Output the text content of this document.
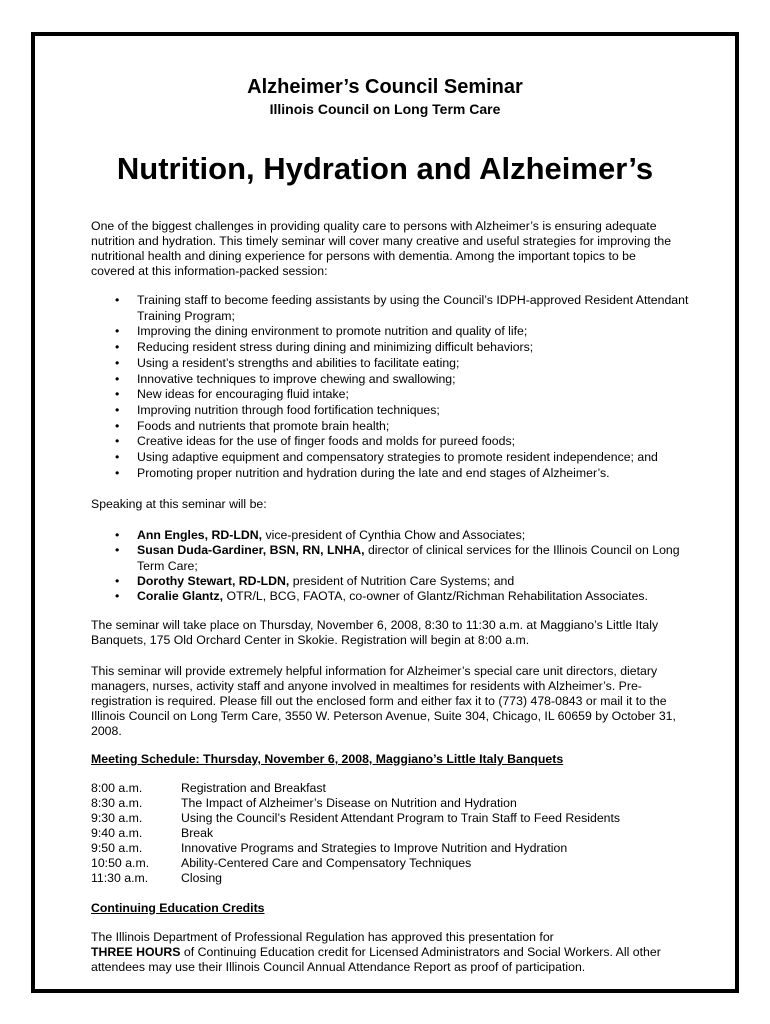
Alzheimer’s Council Seminar
Illinois Council on Long Term Care
Nutrition, Hydration and Alzheimer’s

One of the biggest challenges in providing quality care to persons with Alzheimer’s is ensuring adequate nutrition and hydration. This timely seminar will cover many creative and useful strategies for improving the nutritional health and dining experience for persons with dementia. Among the important topics to be covered at this information-packed session:

• Training staff to become feeding assistants by using the Council’s IDPH-approved Resident Attendant Training Program;
• Improving the dining environment to promote nutrition and quality of life;
• Reducing resident stress during dining and minimizing difficult behaviors;
• Using a resident’s strengths and abilities to facilitate eating;
• Innovative techniques to improve chewing and swallowing;
• New ideas for encouraging fluid intake;
• Improving nutrition through food fortification techniques;
• Foods and nutrients that promote brain health;
• Creative ideas for the use of finger foods and molds for pureed foods;
• Using adaptive equipment and compensatory strategies to promote resident independence; and
• Promoting proper nutrition and hydration during the late and end stages of Alzheimer’s.

Speaking at this seminar will be:

• Ann Engles, RD-LDN, vice-president of Cynthia Chow and Associates;
• Susan Duda-Gardiner, BSN, RN, LNHA, director of clinical services for the Illinois Council on Long Term Care;
• Dorothy Stewart, RD-LDN, president of Nutrition Care Systems; and
• Coralie Glantz, OTR/L, BCG, FAOTA, co-owner of Glantz/Richman Rehabilitation Associates.

The seminar will take place on Thursday, November 6, 2008, 8:30 to 11:30 a.m. at Maggiano’s Little Italy Banquets, 175 Old Orchard Center in Skokie. Registration will begin at 8:00 a.m.

This seminar will provide extremely helpful information for Alzheimer’s special care unit directors, dietary managers, nurses, activity staff and anyone involved in mealtimes for residents with Alzheimer’s. Pre-registration is required. Please fill out the enclosed form and either fax it to (773) 478-0843 or mail it to the Illinois Council on Long Term Care, 3550 W. Peterson Avenue, Suite 304, Chicago, IL 60659 by October 31, 2008.

Meeting Schedule: Thursday, November 6, 2008, Maggiano’s Little Italy Banquets
8:00 a.m.	Registration and Breakfast
8:30 a.m.	The Impact of Alzheimer’s Disease on Nutrition and Hydration
9:30 a.m.	Using the Council’s Resident Attendant Program to Train Staff to Feed Residents
9:40 a.m.	Break
9:50 a.m.	Innovative Programs and Strategies to Improve Nutrition and Hydration
10:50 a.m.	Ability-Centered Care and Compensatory Techniques
11:30 a.m.	Closing
Continuing Education Credits

The Illinois Department of Professional Regulation has approved this presentation for
THREE HOURS of Continuing Education credit for Licensed Administrators and Social Workers. All other attendees may use their Illinois Council Annual Attendance Report as proof of participation.
